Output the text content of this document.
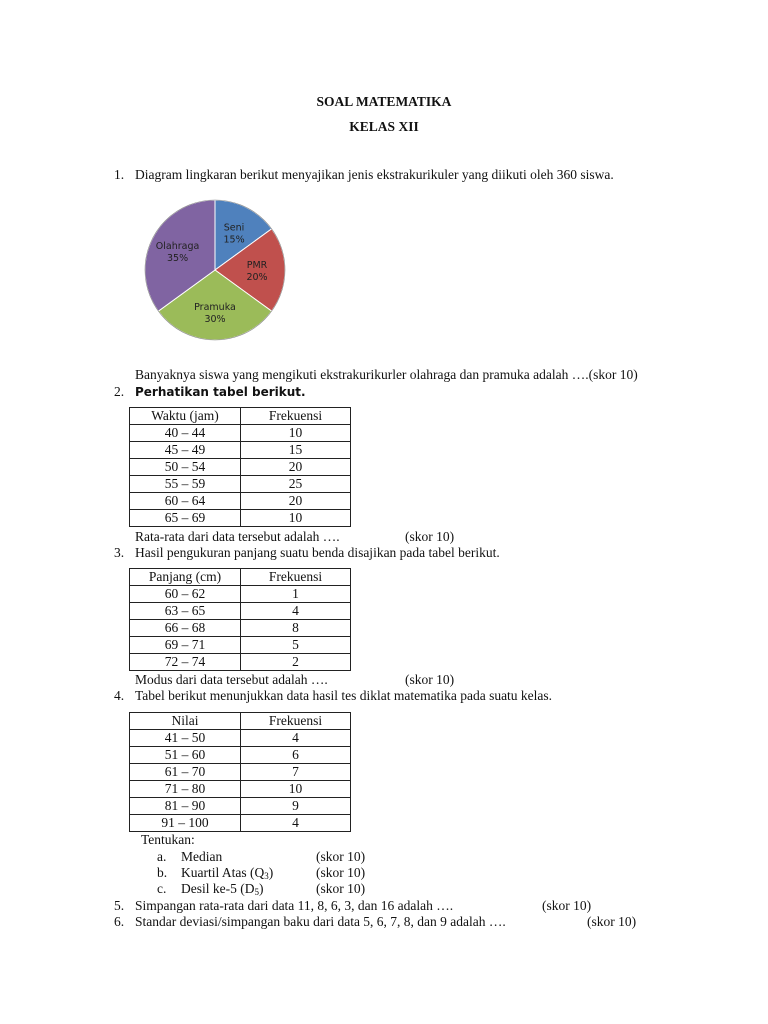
SOAL MATEMATIKA
KELAS XII
1. Diagram lingkaran berikut menyajikan jenis ekstrakurikuler yang diikuti oleh 360 siswa.
Seni
15%
PMR
20%
Pramuka
30%
Olahraga
35%
Banyaknya siswa yang mengikuti ekstrakurikurler olahraga dan pramuka adalah ….(skor 10)
2. Perhatikan tabel berikut.
Waktu (jam)	Frekuensi
40 – 44	10
45 – 49	15
50 – 54	20
55 – 59	25
60 – 64	20
65 – 69	10
Rata-rata dari data tersebut adalah ….	(skor 10)
3. Hasil pengukuran panjang suatu benda disajikan pada tabel berikut.
Panjang (cm)	Frekuensi
60 – 62	1
63 – 65	4
66 – 68	8
69 – 71	5
72 – 74	2
Modus dari data tersebut adalah ….	(skor 10)
4. Tabel berikut menunjukkan data hasil tes diklat matematika pada suatu kelas.
Nilai	Frekuensi
41 – 50	4
51 – 60	6
61 – 70	7
71 – 80	10
81 – 90	9
91 – 100	4
Tentukan:
a. Median	(skor 10)
b. Kuartil Atas $(Q_3)$	(skor 10)
c. Desil ke-5 $(D_5)$	(skor 10)
5. Simpangan rata-rata dari data 11, 8, 6, 3, dan 16 adalah ….	(skor 10)
6. Standar deviasi/simpangan baku dari data 5, 6, 7, 8, dan 9 adalah ….	(skor 10)
